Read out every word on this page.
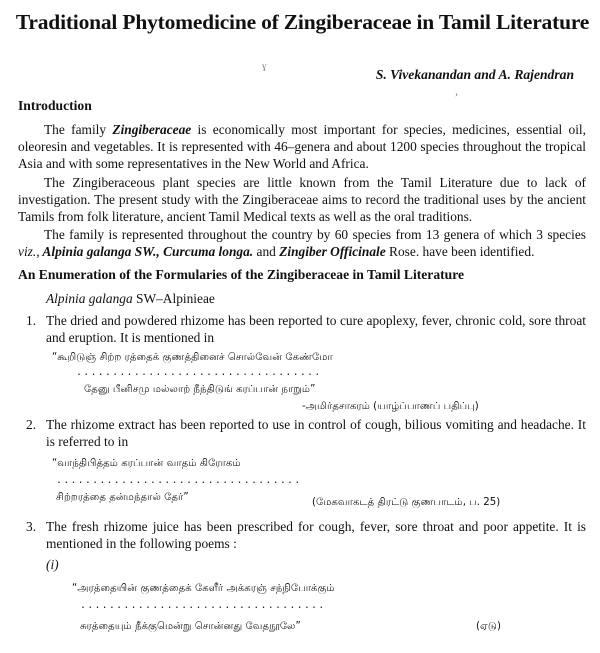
Traditional Phytomedicine of Zingiberaceae in Tamil Literature
ɣ
S. Vivekanandan and A. Rajendran
›
Introduction
The family Zingiberaceae is economically most important for species, medicines, essential oil, oleoresin and vegetables. It is represented with 46–genera and about 1200 species throughout the tropical Asia and with some representatives in the New World and Africa.
The Zingiberaceous plant species are little known from the Tamil Literature due to lack of investigation. The present study with the Zingiberaceae aims to record the traditional uses by the ancient Tamils from folk literature, ancient Tamil Medical texts as well as the oral traditions.
The family is represented throughout the country by 60 species from 13 genera of which 3 species viz., Alpinia galanga SW., Curcuma longa. and Zingiber Officinale Rose. have been identified.
An Enumeration of the Formularies of the Zingiberaceae in Tamil Literature
Alpinia galanga SW–Alpinieae
1. The dried and powdered rhizome has been reported to cure apoplexy, fever, chronic cold, sore throat and eruption. It is mentioned in
“கூறிடுஞ் சிற்ற ரத்தைக் குணத்தினைச் சொல்வேன் கேண்மோ
..................................
தேனு பீனிசமு மல்லாற் நீந்திடுங் கரப்பான் நாறும்”
-அமிர்தசாகரம் (யாழ்ப்பாணப் பதிப்பு)
2. The rhizome extract has been reported to use in control of cough, bilious vomiting and headache. It is referred to in
“வாந்திபித்தம் கரப்பான் வாதம் கிரோகம்
..................................
சிற்றரத்தை தன்மந்தால் தேர்”	(மேகவாகடத் திரட்டு குணபாடம், ப. 25)
3. The fresh rhizome juice has been prescribed for cough, fever, sore throat and poor appetite. It is mentioned in the following poems :
(i)
“அரத்தையின் குணத்தைக் கேளீர் அக்கரஞ் சந்நிபோக்கும்
..................................
சுரத்தையும் நீக்குமென்று சொன்னது வேதநூலே”	(ஏடு)
